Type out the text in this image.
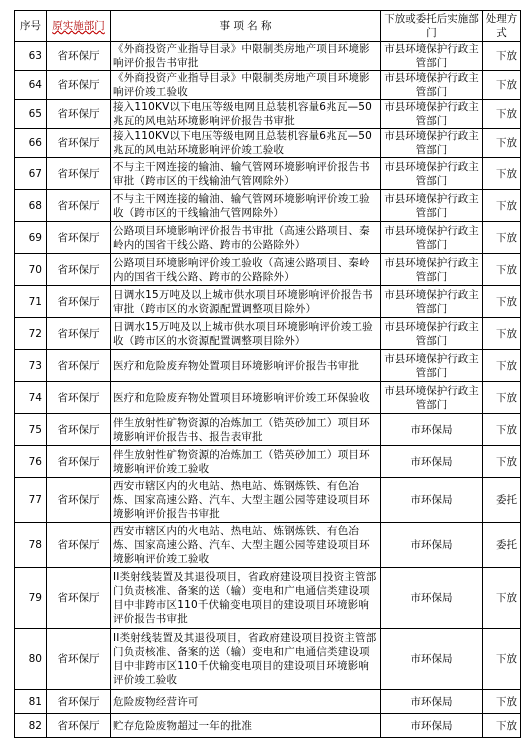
序号	原实施部门	事 项 名 称	下放或委托后实施部门	处理方式
63	省环保厅	《外商投资产业指导目录》中限制类房地产项目环境影响评价报告书审批	市县环境保护行政主管部门	下放
64	省环保厅	《外商投资产业指导目录》中限制类房地产项目环境影响评价竣工验收	市县环境保护行政主管部门	下放
65	省环保厅	接入110KV以下电压等级电网且总装机容量6兆瓦—50兆瓦的风电站环境影响评价报告书审批	市县环境保护行政主管部门	下放
66	省环保厅	接入110KV以下电压等级电网且总装机容量6兆瓦—50兆瓦的风电站环境影响评价竣工验收	市县环境保护行政主管部门	下放
67	省环保厅	不与主干网连接的输油、输气管网环境影响评价报告书审批（跨市区的干线输油气管网除外）	市县环境保护行政主管部门	下放
68	省环保厅	不与主干网连接的输油、输气管网环境影响评价竣工验收（跨市区的干线输油气管网除外）	市县环境保护行政主管部门	下放
69	省环保厅	公路项目环境影响评价报告书审批（高速公路项目、秦岭内的国省干线公路、跨市的公路除外）	市县环境保护行政主管部门	下放
70	省环保厅	公路项目环境影响评价竣工验收（高速公路项目、秦岭内的国省干线公路、跨市的公路除外）	市县环境保护行政主管部门	下放
71	省环保厅	日调水15万吨及以上城市供水项目环境影响评价报告书审批（跨市区的水资源配置调整项目除外）	市县环境保护行政主管部门	下放
72	省环保厅	日调水15万吨及以上城市供水项目环境影响评价竣工验收（跨市区的水资源配置调整项目除外）	市县环境保护行政主管部门	下放
73	省环保厅	医疗和危险废弃物处置项目环境影响评价报告书审批	市县环境保护行政主管部门	下放
74	省环保厅	医疗和危险废弃物处置项目环境影响评价竣工环保验收	市县环境保护行政主管部门	下放
75	省环保厅	伴生放射性矿物资源的冶炼加工（锆英砂加工）项目环境影响评价报告书、报告表审批	市环保局	下放
76	省环保厅	伴生放射性矿物资源的冶炼加工（锆英砂加工）项目环境影响评价竣工验收	市环保局	下放
77	省环保厅	西安市辖区内的火电站、热电站、炼钢炼铁、有色冶炼、国家高速公路、汽车、大型主题公园等建设项目环境影响评价报告书审批	市环保局	委托
78	省环保厅	西安市辖区内的火电站、热电站、炼钢炼铁、有色冶炼、国家高速公路、汽车、大型主题公园等建设项目环境影响评价竣工验收	市环保局	委托
79	省环保厅	II类射线装置及其退役项目，省政府建设项目投资主管部门负责核准、备案的送（输）变电和广电通信类建设项目中非跨市区110千伏输变电项目的建设项目环境影响评价报告书审批	市环保局	下放
80	省环保厅	II类射线装置及其退役项目，省政府建设项目投资主管部门负责核准、备案的送（输）变电和广电通信类建设项目中非跨市区110千伏输变电项目的建设项目环境影响评价竣工验收	市环保局	下放
81	省环保厅	危险废物经营许可	市环保局	下放
82	省环保厅	贮存危险废物超过一年的批准	市环保局	下放
